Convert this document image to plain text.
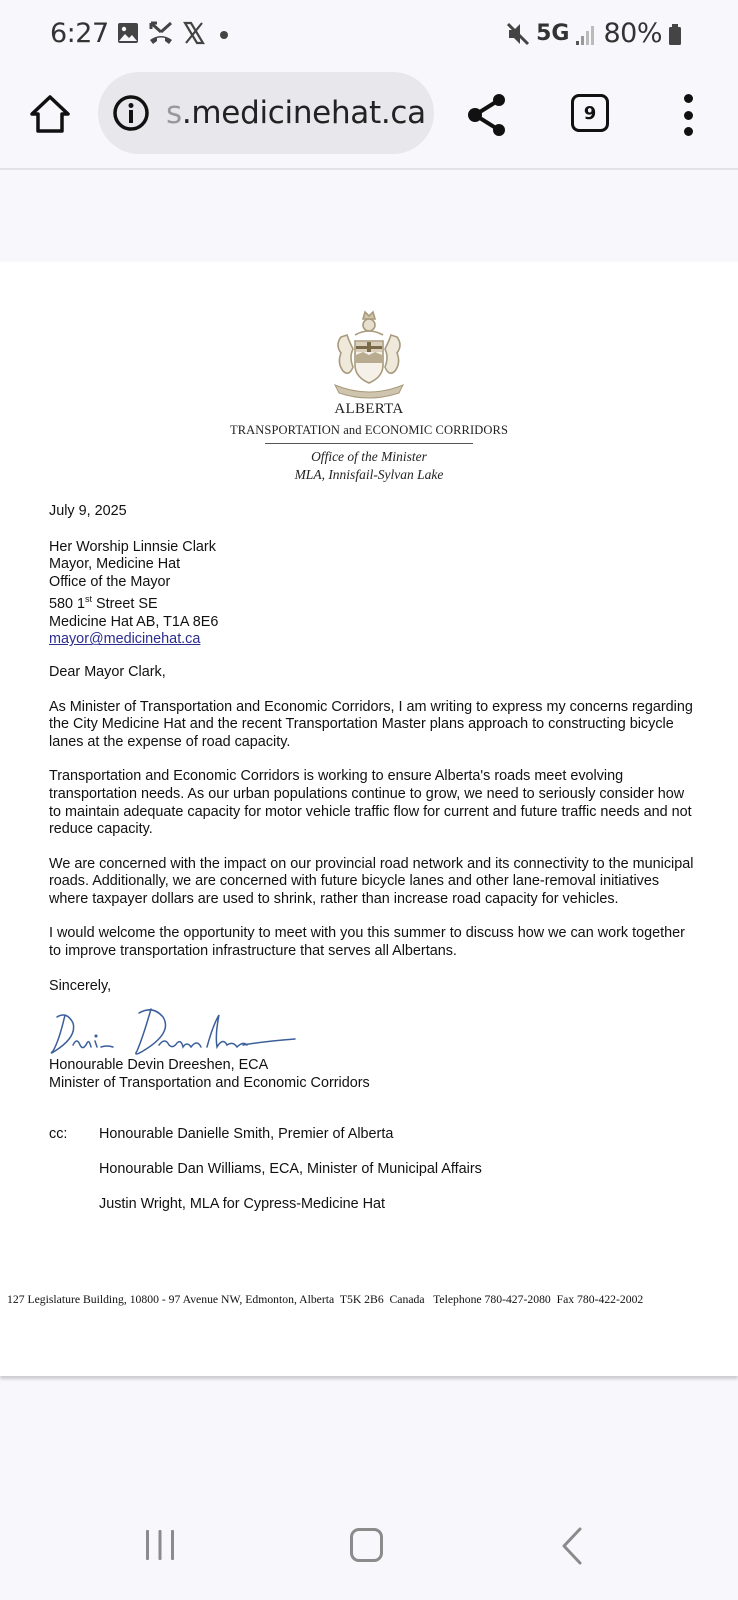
6:27	5G 80%
s.medicinehat.ca	9
ALBERTA
TRANSPORTATION and ECONOMIC CORRIDORS
Office of the Minister
MLA, Innisfail-Sylvan Lake
July 9, 2025
Her Worship Linnsie Clark
Mayor, Medicine Hat
Office of the Mayor
580 1st Street SE
Medicine Hat AB, T1A 8E6
mayor@medicinehat.ca
Dear Mayor Clark,
As Minister of Transportation and Economic Corridors, I am writing to express my concerns regarding the City Medicine Hat and the recent Transportation Master plans approach to constructing bicycle lanes at the expense of road capacity.
Transportation and Economic Corridors is working to ensure Alberta's roads meet evolving transportation needs. As our urban populations continue to grow, we need to seriously consider how to maintain adequate capacity for motor vehicle traffic flow for current and future traffic needs and not reduce capacity.
We are concerned with the impact on our provincial road network and its connectivity to the municipal roads. Additionally, we are concerned with future bicycle lanes and other lane-removal initiatives where taxpayer dollars are used to shrink, rather than increase road capacity for vehicles.
I would welcome the opportunity to meet with you this summer to discuss how we can work together to improve transportation infrastructure that serves all Albertans.
Sincerely,
Honourable Devin Dreeshen, ECA
Minister of Transportation and Economic Corridors
cc:	Honourable Danielle Smith, Premier of Alberta
Honourable Dan Williams, ECA, Minister of Municipal Affairs
Justin Wright, MLA for Cypress-Medicine Hat
127 Legislature Building, 10800 - 97 Avenue NW, Edmonton, Alberta  T5K 2B6  Canada   Telephone 780-427-2080  Fax 780-422-2002
